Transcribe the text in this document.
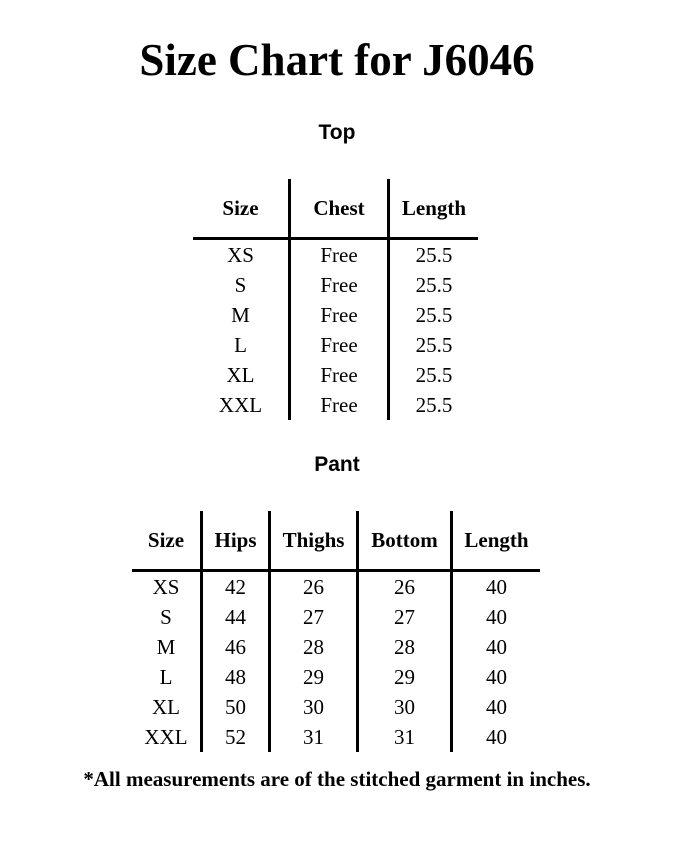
Size Chart for J6046
Top
Size	Chest	Length
XS	Free	25.5
S	Free	25.5
M	Free	25.5
L	Free	25.5
XL	Free	25.5
XXL	Free	25.5
Pant
Size	Hips	Thighs	Bottom	Length
XS	42	26	26	40
S	44	27	27	40
M	46	28	28	40
L	48	29	29	40
XL	50	30	30	40
XXL	52	31	31	40
*All measurements are of the stitched garment in inches.
